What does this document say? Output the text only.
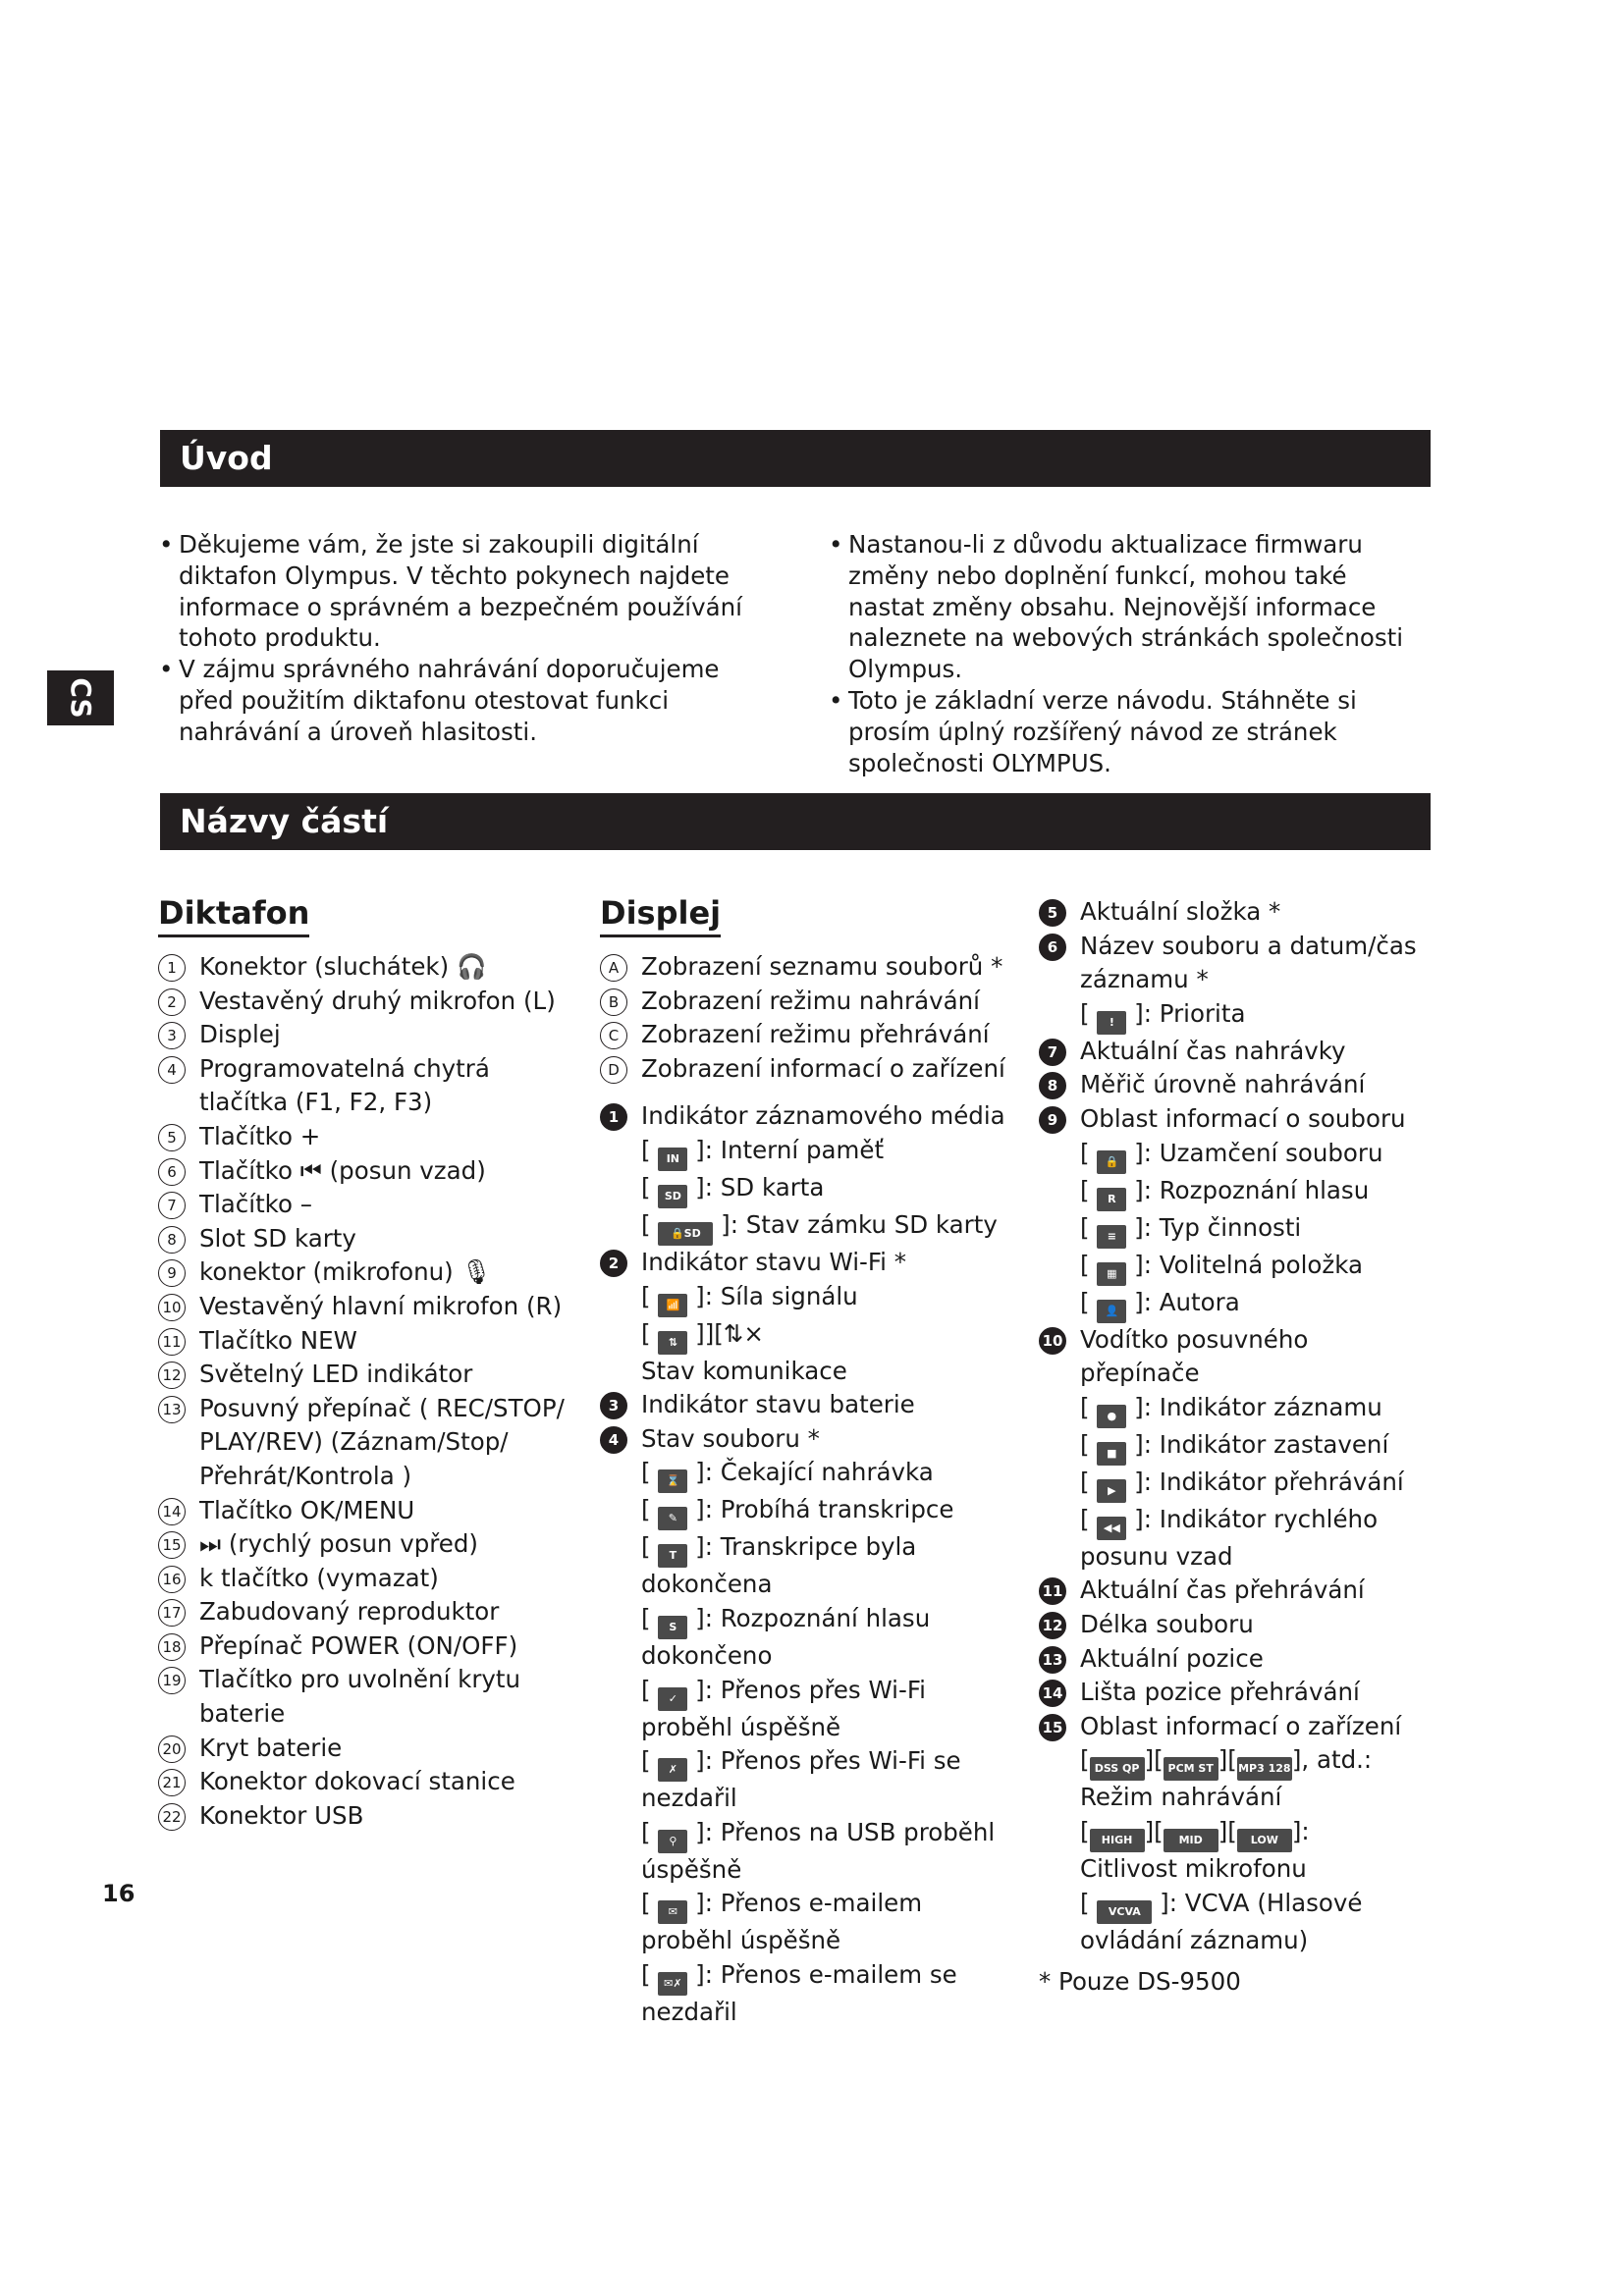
CS
Úvod
• Děkujeme vám, že jste si zakoupili digitální diktafon Olympus. V těchto pokynech najdete informace o správném a bezpečném používání tohoto produktu.
• V zájmu správného nahrávání doporučujeme před použitím diktafonu otestovat funkci nahrávání a úroveň hlasitosti.
• Nastanou-li z důvodu aktualizace firmwaru změny nebo doplnění funkcí, mohou také nastat změny obsahu. Nejnovější informace naleznete na webových stránkách společnosti Olympus.
• Toto je základní verze návodu. Stáhněte si prosím úplný rozšířený návod ze stránek společnosti OLYMPUS.
Názvy částí
Diktafon
1 Konektor (sluchátek) 🎧
2 Vestavěný druhý mikrofon (L)
3 Displej
4 Programovatelná chytrá tlačítka (F1, F2, F3)
5 Tlačítko +
6 Tlačítko ⏮ (posun vzad)
7 Tlačítko –
8 Slot SD karty
9 konektor (mikrofonu) 🎙
10 Vestavěný hlavní mikrofon (R)
11 Tlačítko NEW
12 Světelný LED indikátor
13 Posuvný přepínač ( REC/STOP/ PLAY/REV) (Záznam/Stop/ Přehrát/Kontrola )
14 Tlačítko OK/MENU
15 ⏭ (rychlý posun vpřed)
16 k tlačítko (vymazat)
17 Zabudovaný reproduktor
18 Přepínač POWER (ON/OFF)
19 Tlačítko pro uvolnění krytu baterie
20 Kryt baterie
21 Konektor dokovací stanice
22 Konektor USB
Displej
A Zobrazení seznamu souborů *
B Zobrazení režimu nahrávání
C Zobrazení režimu přehrávání
D Zobrazení informací o zařízení
1 Indikátor záznamového média
[ IN ]: Interní paměť
[ SD ]: SD karta
[ 🔒SD ]: Stav zámku SD karty
2 Indikátor stavu Wi-Fi *
[ 📶 ]: Síla signálu
[ ⇅ ]][⇅×
Stav komunikace
3 Indikátor stavu baterie
4 Stav souboru *
[ ⌛ ]: Čekající nahrávka
[ ✎ ]: Probíhá transkripce
[ T ]: Transkripce byla dokončena
[ S ]: Rozpoznání hlasu dokončeno
[ ✓ ]: Přenos přes Wi-Fi proběhl úspěšně
[ ✗ ]: Přenos přes Wi-Fi se nezdařil
[ ⚲ ]: Přenos na USB proběhl úspěšně
[ ✉ ]: Přenos e-mailem proběhl úspěšně
[ ✉✗ ]: Přenos e-mailem se nezdařil
5 Aktuální složka *
6 Název souboru a datum/čas záznamu *
[ ! ]: Priorita
7 Aktuální čas nahrávky
8 Měřič úrovně nahrávání
9 Oblast informací o souboru
[ 🔒 ]: Uzamčení souboru
[ R ]: Rozpoznání hlasu
[ ≡ ]: Typ činnosti
[ ▦ ]: Volitelná položka
[ 👤 ]: Autora
10 Vodítko posuvného přepínače
[ ● ]: Indikátor záznamu
[ ■ ]: Indikátor zastavení
[ ▶ ]: Indikátor přehrávání
[ ◀◀ ]: Indikátor rychlého posunu vzad
11 Aktuální čas přehrávání
12 Délka souboru
13 Aktuální pozice
14 Lišta pozice přehrávání
15 Oblast informací o zařízení
[ DSS QP ][ PCM ST ][MP3 128], atd.: Režim nahrávání
[ HIGH ][ MID ][ LOW ]:
Citlivost mikrofonu
[ VCVA ]: VCVA (Hlasové ovládání záznamu)
* Pouze DS-9500
16
